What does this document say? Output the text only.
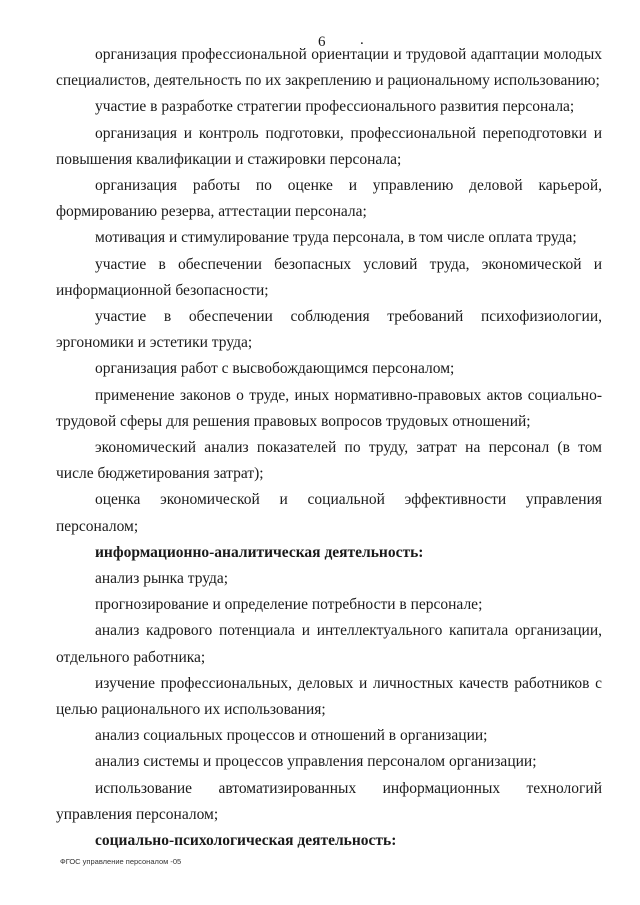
6 .

организация профессиональной ориентации и трудовой адаптации молодых специалистов, деятельность по их закреплению и рациональному использованию;

участие в разработке стратегии профессионального развития персонала;

организация и контроль подготовки, профессиональной переподготовки и повышения квалификации и стажировки персонала;

организация работы по оценке и управлению деловой карьерой, формированию резерва, аттестации персонала;

мотивация и стимулирование труда персонала, в том числе оплата труда;

участие в обеспечении безопасных условий труда, экономической и информационной безопасности;

участие в обеспечении соблюдения требований психофизиологии, эргономики и эстетики труда;

организация работ с высвобождающимся персоналом;

применение законов о труде, иных нормативно-правовых актов социально-трудовой сферы для решения правовых вопросов трудовых отношений;

экономический анализ показателей по труду, затрат на персонал (в том числе бюджетирования затрат);

оценка экономической и социальной эффективности управления персоналом;

информационно-аналитическая деятельность:

анализ рынка труда;

прогнозирование и определение потребности в персонале;

анализ кадрового потенциала и интеллектуального капитала организации, отдельного работника;

изучение профессиональных, деловых и личностных качеств работников с целью рационального их использования;

анализ социальных процессов и отношений в организации;

анализ системы и процессов управления персоналом организации;

использование автоматизированных информационных технологий управления персоналом;

социально-психологическая деятельность:

ФГОС управление персоналом -05
